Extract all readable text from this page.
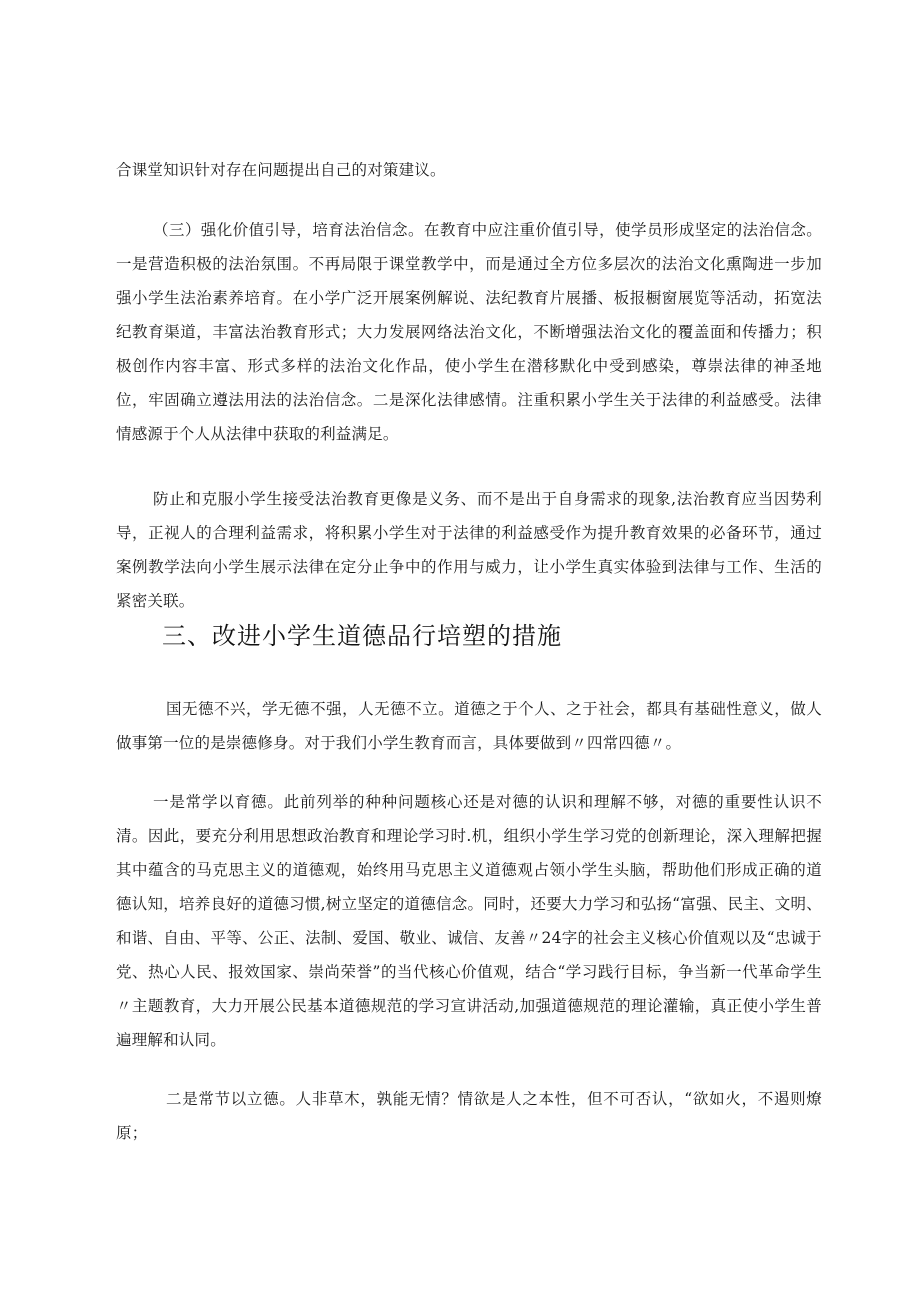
合课堂知识针对存在问题提出自己的对策建议。

（三）强化价值引导，培育法治信念。在教育中应注重价值引导，使学员形成坚定的法治信念。一是营造积极的法治氛围。不再局限于课堂教学中，而是通过全方位多层次的法治文化熏陶进一步加强小学生法治素养培育。在小学广泛开展案例解说、法纪教育片展播、板报橱窗展览等活动，拓宽法纪教育渠道，丰富法治教育形式；大力发展网络法治文化，不断增强法治文化的覆盖面和传播力；积极创作内容丰富、形式多样的法治文化作品，使小学生在潜移默化中受到感染，尊崇法律的神圣地位，牢固确立遵法用法的法治信念。二是深化法律感情。注重积累小学生关于法律的利益感受。法律情感源于个人从法律中获取的利益满足。

防止和克服小学生接受法治教育更像是义务、而不是出于自身需求的现象,法治教育应当因势利导，正视人的合理利益需求，将积累小学生对于法律的利益感受作为提升教育效果的必备环节，通过案例教学法向小学生展示法律在定分止争中的作用与威力，让小学生真实体验到法律与工作、生活的紧密关联。

三、改进小学生道德品行培塑的措施

国无德不兴，学无德不强，人无德不立。道德之于个人、之于社会，都具有基础性意义，做人做事第一位的是崇德修身。对于我们小学生教育而言，具体要做到〃四常四德〃。

一是常学以育德。此前列举的种种问题核心还是对德的认识和理解不够，对德的重要性认识不清。因此，要充分利用思想政治教育和理论学习时.机，组织小学生学习党的创新理论，深入理解把握其中蕴含的马克思主义的道德观，始终用马克思主义道德观占领小学生头脑，帮助他们形成正确的道德认知，培养良好的道德习惯,树立坚定的道德信念。同时，还要大力学习和弘扬“富强、民主、文明、和谐、自由、平等、公正、法制、爱国、敬业、诚信、友善〃24字的社会主义核心价值观以及“忠诚于党、热心人民、报效国家、崇尚荣誉”的当代核心价值观，结合“学习践行目标，争当新一代革命学生〃主题教育，大力开展公民基本道德规范的学习宣讲活动,加强道德规范的理论灌输，真正使小学生普遍理解和认同。

二是常节以立德。人非草木，孰能无情？情欲是人之本性，但不可否认，“欲如火，不遏则燎原；
